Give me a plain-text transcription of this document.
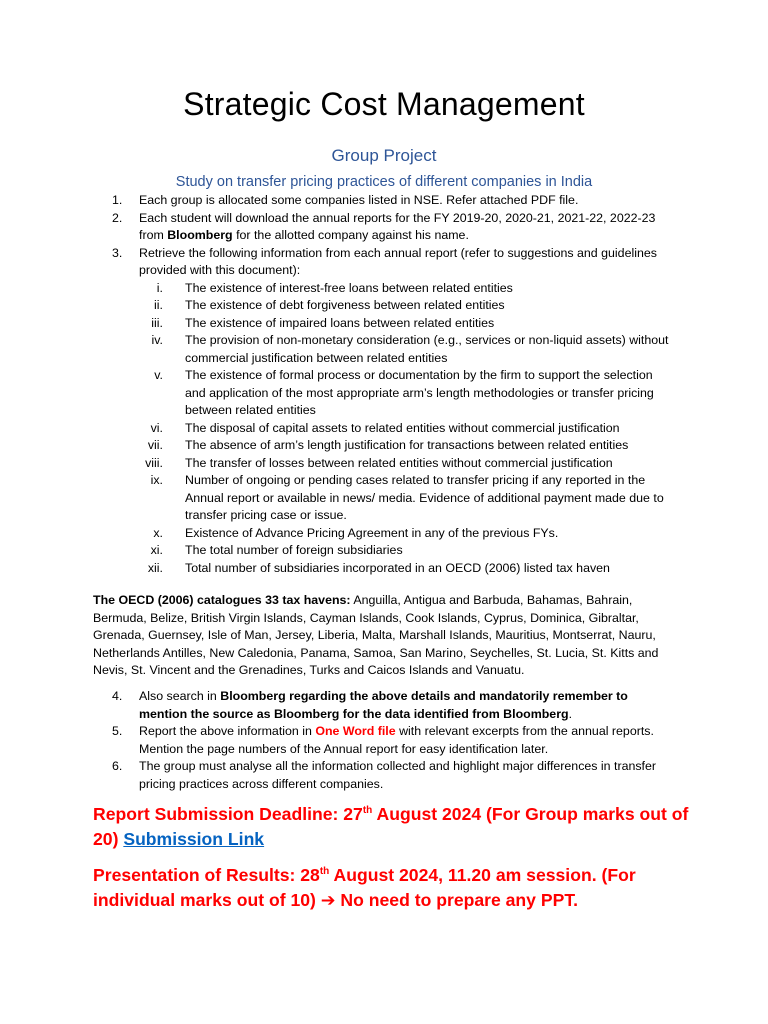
Strategic Cost Management
Group Project
Study on transfer pricing practices of different companies in India
1.	Each group is allocated some companies listed in NSE. Refer attached PDF file.
2.	Each student will download the annual reports for the FY 2019-20, 2020-21, 2021-22, 2022-23 from Bloomberg for the allotted company against his name.
3.	Retrieve the following information from each annual report (refer to suggestions and guidelines provided with this document):
i. The existence of interest-free loans between related entities
ii. The existence of debt forgiveness between related entities
iii. The existence of impaired loans between related entities
iv. The provision of non-monetary consideration (e.g., services or non-liquid assets) without commercial justification between related entities
v. The existence of formal process or documentation by the firm to support the selection and application of the most appropriate arm’s length methodologies or transfer pricing between related entities
vi. The disposal of capital assets to related entities without commercial justification
vii. The absence of arm’s length justification for transactions between related entities
viii. The transfer of losses between related entities without commercial justification
ix. Number of ongoing or pending cases related to transfer pricing if any reported in the Annual report or available in news/ media. Evidence of additional payment made due to transfer pricing case or issue.
x. Existence of Advance Pricing Agreement in any of the previous FYs.
xi. The total number of foreign subsidiaries
xii. Total number of subsidiaries incorporated in an OECD (2006) listed tax haven
The OECD (2006) catalogues 33 tax havens: Anguilla, Antigua and Barbuda, Bahamas, Bahrain, Bermuda, Belize, British Virgin Islands, Cayman Islands, Cook Islands, Cyprus, Dominica, Gibraltar, Grenada, Guernsey, Isle of Man, Jersey, Liberia, Malta, Marshall Islands, Mauritius, Montserrat, Nauru, Netherlands Antilles, New Caledonia, Panama, Samoa, San Marino, Seychelles, St. Lucia, St. Kitts and Nevis, St. Vincent and the Grenadines, Turks and Caicos Islands and Vanuatu.
4. Also search in Bloomberg regarding the above details and mandatorily remember to mention the source as Bloomberg for the data identified from Bloomberg.
5. Report the above information in One Word file with relevant excerpts from the annual reports. Mention the page numbers of the Annual report for easy identification later.
6. The group must analyse all the information collected and highlight major differences in transfer pricing practices across different companies.
Report Submission Deadline: 27th August 2024 (For Group marks out of 20) Submission Link
Presentation of Results: 28th August 2024, 11.20 am session. (For individual marks out of 10) ➔ No need to prepare any PPT.
